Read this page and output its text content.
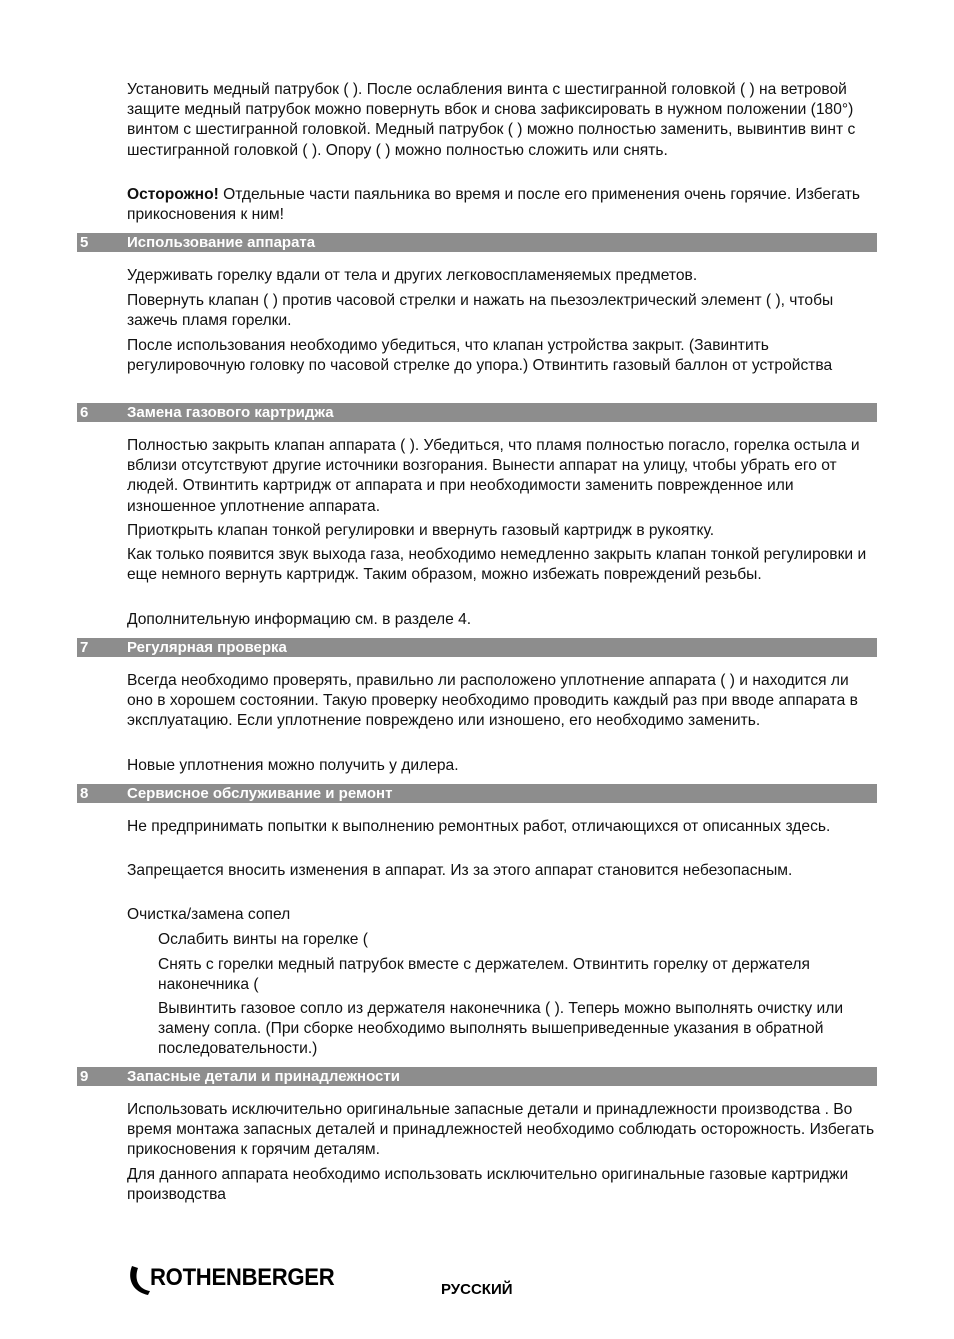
Установить медный патрубок ( ). После ослабления винта с шестигранной головкой ( ) на ветровой защите медный патрубок можно повернуть вбок и снова зафиксировать в нужном положении (180°) винтом с шестигранной головкой. Медный патрубок ( ) можно полностью заменить, вывинтив винт с шестигранной головкой ( ). Опору ( ) можно полностью сложить или снять.

Осторожно! Отдельные части паяльника во время и после его применения очень горячие. Избегать прикосновения к ним!

5	Использование аппарата

Удерживать горелку вдали от тела и других легковоспламеняемых предметов.

Повернуть клапан ( ) против часовой стрелки и нажать на пьезоэлектрический элемент ( ), чтобы зажечь пламя горелки.

После использования необходимо убедиться, что клапан устройства закрыт. (Завинтить регулировочную головку по часовой стрелке до упора.) Отвинтить газовый баллон от устройства

6	Замена газового картриджа

Полностью закрыть клапан аппарата ( ). Убедиться, что пламя полностью погасло, горелка остыла и вблизи отсутствуют другие источники возгорания. Вынести аппарат на улицу, чтобы убрать его от людей. Отвинтить картридж от аппарата и при необходимости заменить поврежденное или изношенное уплотнение аппарата.

Приоткрыть клапан тонкой регулировки и ввернуть газовый картридж в рукоятку.

Как только появится звук выхода газа, необходимо немедленно закрыть клапан тонкой регулировки и еще немного вернуть картридж. Таким образом, можно избежать повреждений резьбы.

Дополнительную информацию см. в разделе 4.

7	Регулярная проверка

Всегда необходимо проверять, правильно ли расположено уплотнение аппарата ( ) и находится ли оно в хорошем состоянии. Такую проверку необходимо проводить каждый раз при вводе аппарата в эксплуатацию. Если уплотнение повреждено или изношено, его необходимо заменить.

Новые уплотнения можно получить у дилера.

8	Сервисное обслуживание и ремонт

Не предпринимать попытки к выполнению ремонтных работ, отличающихся от описанных здесь.

Запрещается вносить изменения в аппарат. Из за этого аппарат становится небезопасным.

Очистка/замена сопел

Ослабить винты на горелке (

Снять с горелки медный патрубок вместе с держателем. Отвинтить горелку от держателя наконечника (

Вывинтить газовое сопло из держателя наконечника ( ). Теперь можно выполнять очистку или замену сопла. (При сборке необходимо выполнять вышеприведенные указания в обратной последовательности.)

9	Запасные детали и принадлежности

Использовать исключительно оригинальные запасные детали и принадлежности производства . Во время монтажа запасных деталей и принадлежностей необходимо соблюдать осторожность. Избегать прикосновения к горячим деталям.

Для данного аппарата необходимо использовать исключительно оригинальные газовые картриджи производства

ROTHENBERGER	РУССКИЙ
